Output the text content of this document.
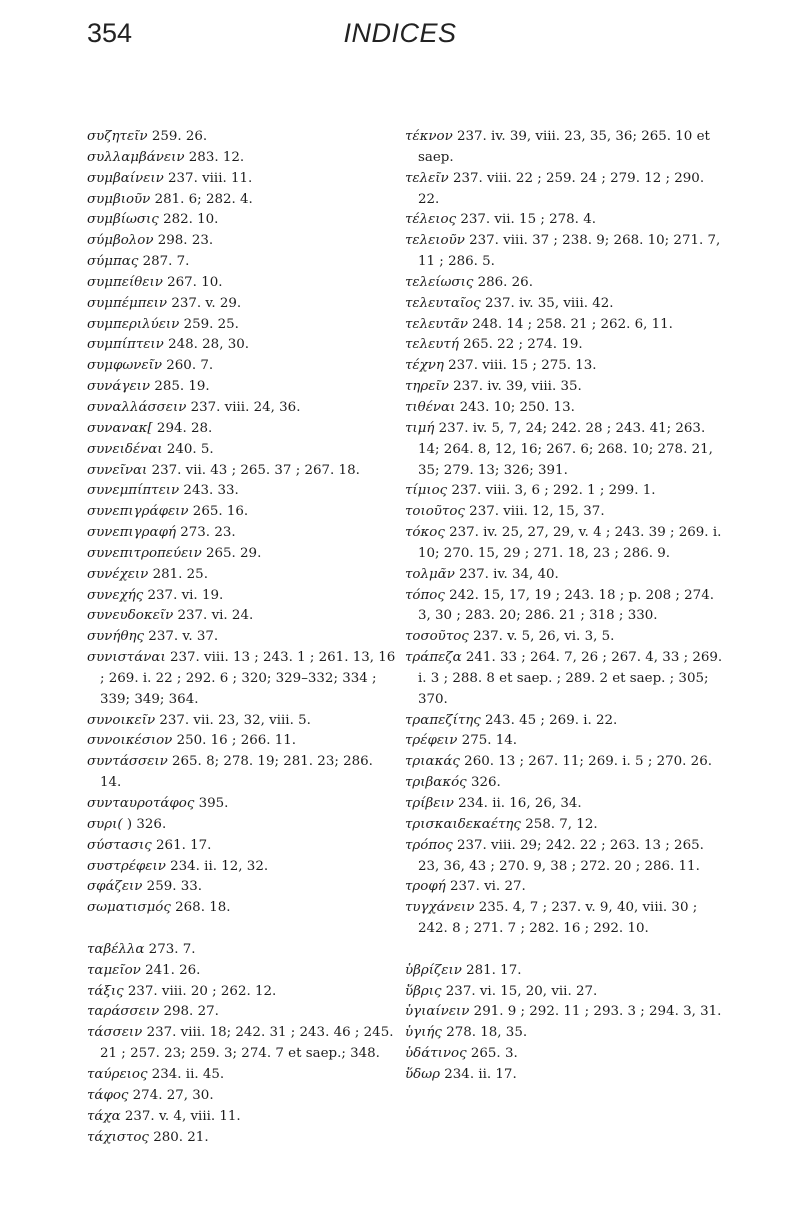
354	INDICES
συζητεῖν 259. 26.
συλλαμβάνειν 283. 12.
συμβαίνειν 237. viii. 11.
συμβιοῦν 281. 6; 282. 4.
συμβίωσις 282. 10.
σύμβολον 298. 23.
σύμπας 287. 7.
συμπείθειν 267. 10.
συμπέμπειν 237. v. 29.
συμπεριλύειν 259. 25.
συμπίπτειν 248. 28, 30.
συμφωνεῖν 260. 7.
συνάγειν 285. 19.
συναλλάσσειν 237. viii. 24, 36.
συνανακ[ 294. 28.
συνειδέναι 240. 5.
συνεῖναι 237. vii. 43 ; 265. 37 ; 267. 18.
συνεμπίπτειν 243. 33.
συνεπιγράφειν 265. 16.
συνεπιγραφή 273. 23.
συνεπιτροπεύειν 265. 29.
συνέχειν 281. 25.
συνεχής 237. vi. 19.
συνευδοκεῖν 237. vi. 24.
συνήθης 237. v. 37.
συνιστάναι 237. viii. 13 ; 243. 1 ; 261. 13, 16 ; 269. i. 22 ; 292. 6 ; 320; 329–332; 334 ; 339; 349; 364.
συνοικεῖν 237. vii. 23, 32, viii. 5.
συνοικέσιον 250. 16 ; 266. 11.
συντάσσειν 265. 8; 278. 19; 281. 23; 286. 14.
συνταυροτάφος 395.
συρι( ) 326.
σύστασις 261. 17.
συστρέφειν 234. ii. 12, 32.
σφάζειν 259. 33.
σωματισμός 268. 18.
ταβέλλα 273. 7.
ταμεῖον 241. 26.
τάξις 237. viii. 20 ; 262. 12.
ταράσσειν 298. 27.
τάσσειν 237. viii. 18; 242. 31 ; 243. 46 ; 245. 21 ; 257. 23; 259. 3; 274. 7 et saep.; 348.
ταύρειος 234. ii. 45.
τάφος 274. 27, 30.
τάχα 237. v. 4, viii. 11.
τάχιστος 280. 21.
τέκνον 237. iv. 39, viii. 23, 35, 36; 265. 10 et saep.
τελεῖν 237. viii. 22 ; 259. 24 ; 279. 12 ; 290. 22.
τέλειος 237. vii. 15 ; 278. 4.
τελειοῦν 237. viii. 37 ; 238. 9; 268. 10; 271. 7, 11 ; 286. 5.
τελείωσις 286. 26.
τελευταῖος 237. iv. 35, viii. 42.
τελευτᾶν 248. 14 ; 258. 21 ; 262. 6, 11.
τελευτή 265. 22 ; 274. 19.
τέχνη 237. viii. 15 ; 275. 13.
τηρεῖν 237. iv. 39, viii. 35.
τιθέναι 243. 10; 250. 13.
τιμή 237. iv. 5, 7, 24; 242. 28 ; 243. 41; 263. 14; 264. 8, 12, 16; 267. 6; 268. 10; 278. 21, 35; 279. 13; 326; 391.
τίμιος 237. viii. 3, 6 ; 292. 1 ; 299. 1.
τοιοῦτος 237. viii. 12, 15, 37.
τόκος 237. iv. 25, 27, 29, v. 4 ; 243. 39 ; 269. i. 10; 270. 15, 29 ; 271. 18, 23 ; 286. 9.
τολμᾶν 237. iv. 34, 40.
τόπος 242. 15, 17, 19 ; 243. 18 ; p. 208 ; 274. 3, 30 ; 283. 20; 286. 21 ; 318 ; 330.
τοσοῦτος 237. v. 5, 26, vi. 3, 5.
τράπεζα 241. 33 ; 264. 7, 26 ; 267. 4, 33 ; 269. i. 3 ; 288. 8 et saep. ; 289. 2 et saep. ; 305; 370.
τραπεζίτης 243. 45 ; 269. i. 22.
τρέφειν 275. 14.
τριακάς 260. 13 ; 267. 11; 269. i. 5 ; 270. 26.
τριβακός 326.
τρίβειν 234. ii. 16, 26, 34.
τρισκαιδεκαέτης 258. 7, 12.
τρόπος 237. viii. 29; 242. 22 ; 263. 13 ; 265. 23, 36, 43 ; 270. 9, 38 ; 272. 20 ; 286. 11.
τροφή 237. vi. 27.
τυγχάνειν 235. 4, 7 ; 237. v. 9, 40, viii. 30 ; 242. 8 ; 271. 7 ; 282. 16 ; 292. 10.
ὑβρίζειν 281. 17.
ὕβρις 237. vi. 15, 20, vii. 27.
ὑγιαίνειν 291. 9 ; 292. 11 ; 293. 3 ; 294. 3, 31.
ὑγιής 278. 18, 35.
ὑδάτινος 265. 3.
ὕδωρ 234. ii. 17.
